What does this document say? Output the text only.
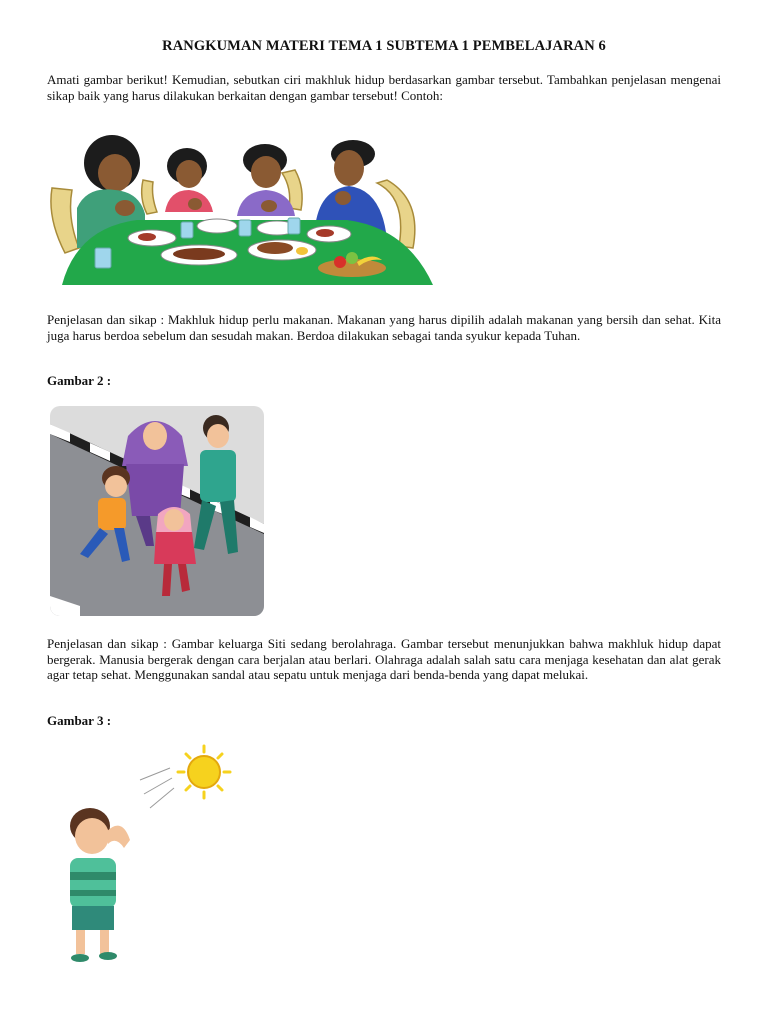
RANGKUMAN MATERI TEMA 1 SUBTEMA 1 PEMBELAJARAN 6
Amati gambar berikut! Kemudian, sebutkan ciri makhluk hidup berdasarkan gambar tersebut. Tambahkan penjelasan mengenai sikap baik yang harus dilakukan berkaitan dengan gambar tersebut! Contoh:
Penjelasan dan sikap : Makhluk hidup perlu makanan. Makanan yang harus dipilih adalah makanan yang bersih dan sehat. Kita juga harus berdoa sebelum dan sesudah makan. Berdoa dilakukan sebagai tanda syukur kepada Tuhan.
Gambar 2 :
Penjelasan dan sikap : Gambar keluarga Siti sedang berolahraga. Gambar tersebut menunjukkan bahwa makhluk hidup dapat bergerak. Manusia bergerak dengan cara berjalan atau berlari. Olahraga adalah salah satu cara menjaga kesehatan dan alat gerak agar tetap sehat. Menggunakan sandal atau sepatu untuk menjaga dari benda-benda yang dapat melukai.
Gambar 3 :
